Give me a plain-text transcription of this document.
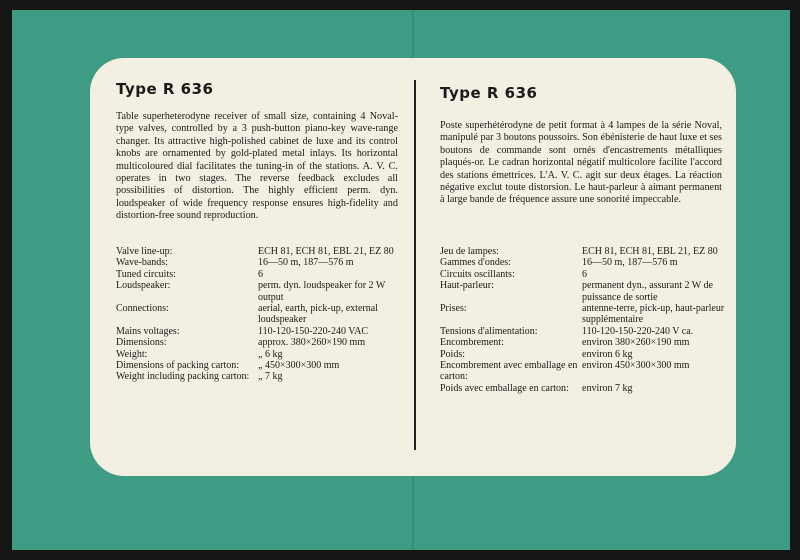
Type R 636
Table superheterodyne receiver of small size, containing 4 Noval-type valves, controlled by a 3 push-button piano-key wave-range changer. Its attractive high-polished cabinet de luxe and its control knobs are ornamented by gold-plated metal inlays. Its horizontal multicoloured dial facilitates the tuning-in of the stations. A. V. C. operates in two stages. The reverse feedback excludes all possibilities of distortion. The highly efficient perm. dyn. loudspeaker of wide frequency response ensures high-fidelity and distortion-free sound reproduction.
Valve line-up:	ECH 81, ECH 81, EBL 21, EZ 80
Wave-bands:	16—50 m, 187—576 m
Tuned circuits:	6
Loudspeaker:	perm. dyn. loudspeaker for 2 W output
Connections:	aerial, earth, pick-up, external loudspeaker
Mains voltages:	110-120-150-220-240 VAC
Dimensions:	approx. 380×260×190 mm
Weight:	„ 6 kg
Dimensions of packing carton:	„ 450×300×300 mm
Weight including packing carton:	„ 7 kg
Type R 636
Poste superhétérodyne de petit format à 4 lampes de la série Noval, manipulé par 3 boutons poussoirs. Son ébénisterie de haut luxe et ses boutons de commande sont ornés d'encastrements métalliques plaqués-or. Le cadran horizontal négatif multicolore facilite l'accord des stations émettrices. L'A. V. C. agit sur deux étages. La réaction négative exclut toute distorsion. Le haut-parleur à aimant permanent à large bande de fréquence assure une sonorité impeccable.
Jeu de lampes:	ECH 81, ECH 81, EBL 21, EZ 80
Gammes d'ondes:	16—50 m, 187—576 m
Circuits oscillants:	6
Haut-parleur:	permanent dyn., assurant 2 W de puissance de sortie
Prises:	antenne-terre, pick-up, haut-parleur supplémentaire
Tensions d'alimentation:	110-120-150-220-240 V ca.
Encombrement:	environ 380×260×190 mm
Poids:	environ 6 kg
Encombrement avec emballage en carton:	environ 450×300×300 mm
Poids avec emballage en carton:	environ 7 kg
